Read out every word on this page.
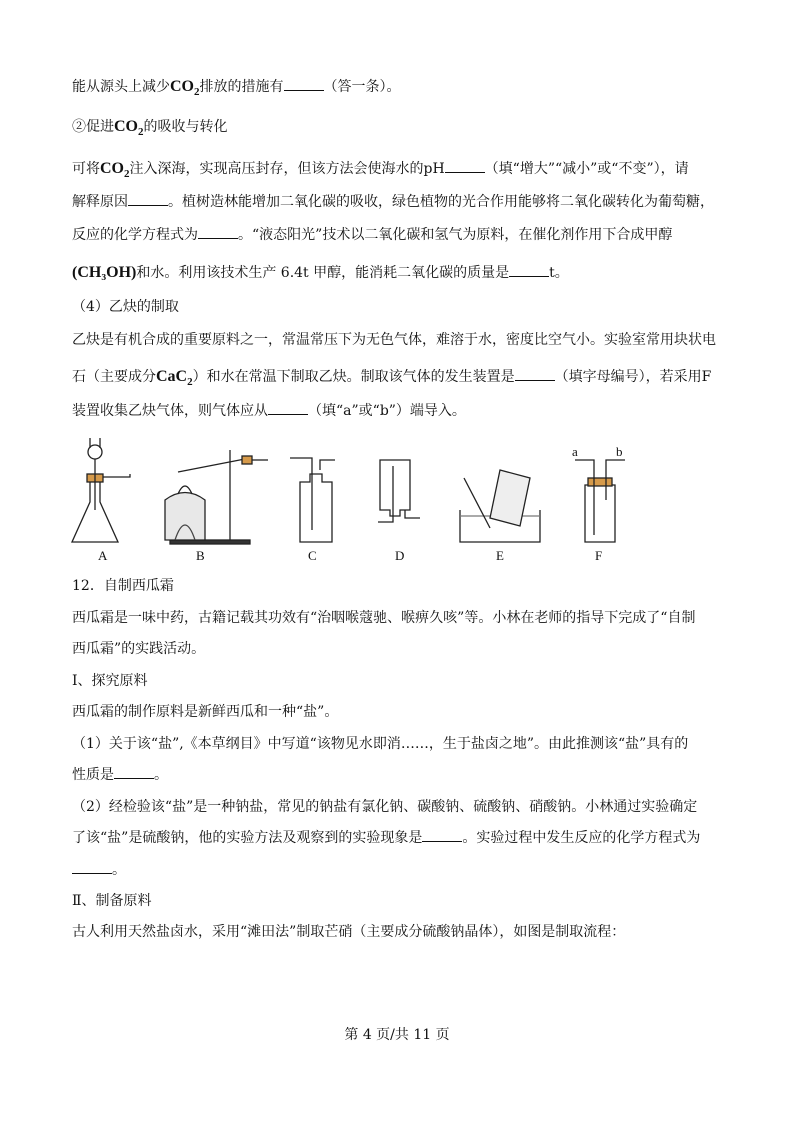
能从源头上减少$CO_2$排放的措施有	（答一条）。
②促进$CO_2$的吸收与转化
可将$CO_2$注入深海，实现高压封存，但该方法会使海水的pH	（填“增大”“减小”或“不变”），请
解释原因	。植树造林能增加二氧化碳的吸收，绿色植物的光合作用能够将二氧化碳转化为葡萄糖，
反应的化学方程式为	。“液态阳光”技术以二氧化碳和氢气为原料，在催化剂作用下合成甲醇
(CH₃OH)和水。利用该技术生产 6.4t 甲醇，能消耗二氧化碳的质量是	t。
（4）乙炔的制取
乙炔是有机合成的重要原料之一，常温常压下为无色气体，难溶于水，密度比空气小。实验室常用块状电
石（主要成分CaC$_2$）和水在常温下制取乙炔。制取该气体的发生装置是	（填字母编号），若采用F
装置收集乙炔气体，则气体应从	（填“a”或“b”）端导入。
A	B	C	D	E	F
a	b
12．自制西瓜霜
西瓜霜是一味中药，古籍记载其功效有“治咽喉蔻驰、喉痹久咳”等。小林在老师的指导下完成了“自制
西瓜霜”的实践活动。
Ⅰ、探究原料
西瓜霜的制作原料是新鲜西瓜和一种“盐”。
（1）关于该“盐”,《本草纲目》中写道“该物见水即消……，生于盐卤之地”。由此推测该“盐”具有的
性质是	。
（2）经检验该“盐”是一种钠盐，常见的钠盐有氯化钠、碳酸钠、硫酸钠、硝酸钠。小林通过实验确定
了该“盐”是硫酸钠，他的实验方法及观察到的实验现象是	。实验过程中发生反应的化学方程式为
。
Ⅱ、制备原料
古人利用天然盐卤水，采用“滩田法”制取芒硝（主要成分硫酸钠晶体），如图是制取流程：
第 4 页/共 11 页
